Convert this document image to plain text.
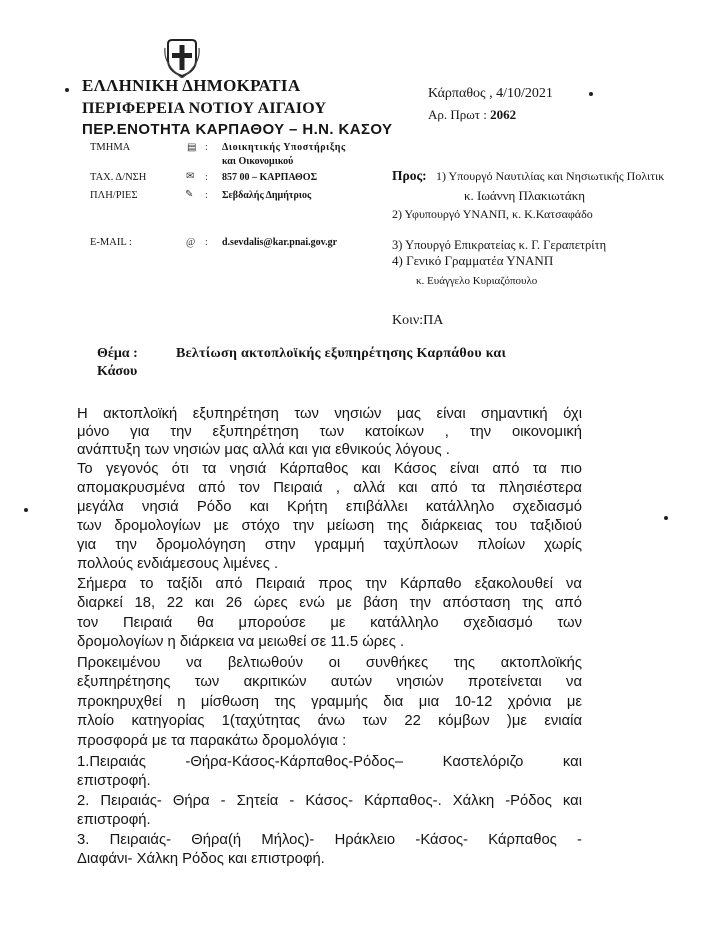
ΕΛΛΗΝΙΚΗ ΔΗΜΟΚΡΑΤΙΑ
ΠΕΡΙΦΕΡΕΙΑ ΝΟΤΙΟΥ ΑΙΓΑΙΟΥ
ΠΕΡ.ΕΝΟΤΗΤΑ ΚΑΡΠΑΘΟΥ – Η.Ν. ΚΑΣΟΥ
ΤΜΗΜΑ	▤ : Διοικητικής Υποστήριξης
και Οικονομικού
ΤΑΧ. Δ/ΝΣΗ	✉ : 857 00 – ΚΑΡΠΑΘΟΣ
ΠΛΗ/ΡΙΕΣ	✎ : Σεβδαλής Δημήτριος
E-MAIL :	@ : d.sevdalis@kar.pnai.gov.gr
Κάρπαθος , 4/10/2021
Αρ. Πρωτ : 2062
Προς: 1) Υπουργό Ναυτιλίας και Νησιωτικής Πολιτικ
κ. Ιωάννη Πλακιωτάκη
2) Υφυπουργό ΥΝΑΝΠ, κ. Κ.Κατσαφάδο
3) Υπουργό Επικρατείας κ. Γ. Γεραπετρίτη
4) Γενικό Γραμματέα ΥΝΑΝΠ
κ. Ευάγγελο Κυριαζόπουλο
Κοιν:ΠΑ
Θέμα :	Βελτίωση ακτοπλοϊκής εξυπηρέτησης Καρπάθου και
Κάσου
Η ακτοπλοϊκή εξυπηρέτηση των νησιών μας είναι σημαντική όχι
μόνο για την εξυπηρέτηση των κατοίκων , την οικονομική
ανάπτυξη των νησιών μας αλλά και για εθνικούς λόγους .
Το γεγονός ότι τα νησιά Κάρπαθος και Κάσος είναι από τα πιο
απομακρυσμένα από τον Πειραιά , αλλά και από τα πλησιέστερα
μεγάλα νησιά Ρόδο και Κρήτη επιβάλλει κατάλληλο σχεδιασμό
των δρομολογίων με στόχο την μείωση της διάρκειας του ταξιδιού
για την δρομολόγηση στην γραμμή ταχύπλοων πλοίων χωρίς
πολλούς ενδιάμεσους λιμένες .
Σήμερα το ταξίδι από Πειραιά προς την Κάρπαθο εξακολουθεί να
διαρκεί 18, 22 και 26 ώρες ενώ με βάση την απόσταση της από
τον Πειραιά θα μπορούσε με κατάλληλο σχεδιασμό των
δρομολογίων η διάρκεια να μειωθεί σε 11.5 ώρες .
Προκειμένου να βελτιωθούν οι συνθήκες της ακτοπλοϊκής
εξυπηρέτησης των ακριτικών αυτών νησιών προτείνεται να
προκηρυχθεί η μίσθωση της γραμμής δια μια 10-12 χρόνια με
πλοίο κατηγορίας 1(ταχύτητας άνω των 22 κόμβων )με ενιαία
προσφορά με τα παρακάτω δρομολόγια :
1.Πειραιάς -Θήρα-Κάσος-Κάρπαθος-Ρόδος– Καστελόριζο και
επιστροφή.
2. Πειραιάς- Θήρα - Σητεία - Κάσος- Κάρπαθος-. Χάλκη -Ρόδος και
επιστροφή.
3. Πειραιάς- Θήρα(ή Μήλος)- Ηράκλειο -Κάσος- Κάρπαθος -
Διαφάνι- Χάλκη Ρόδος και επιστροφή.
